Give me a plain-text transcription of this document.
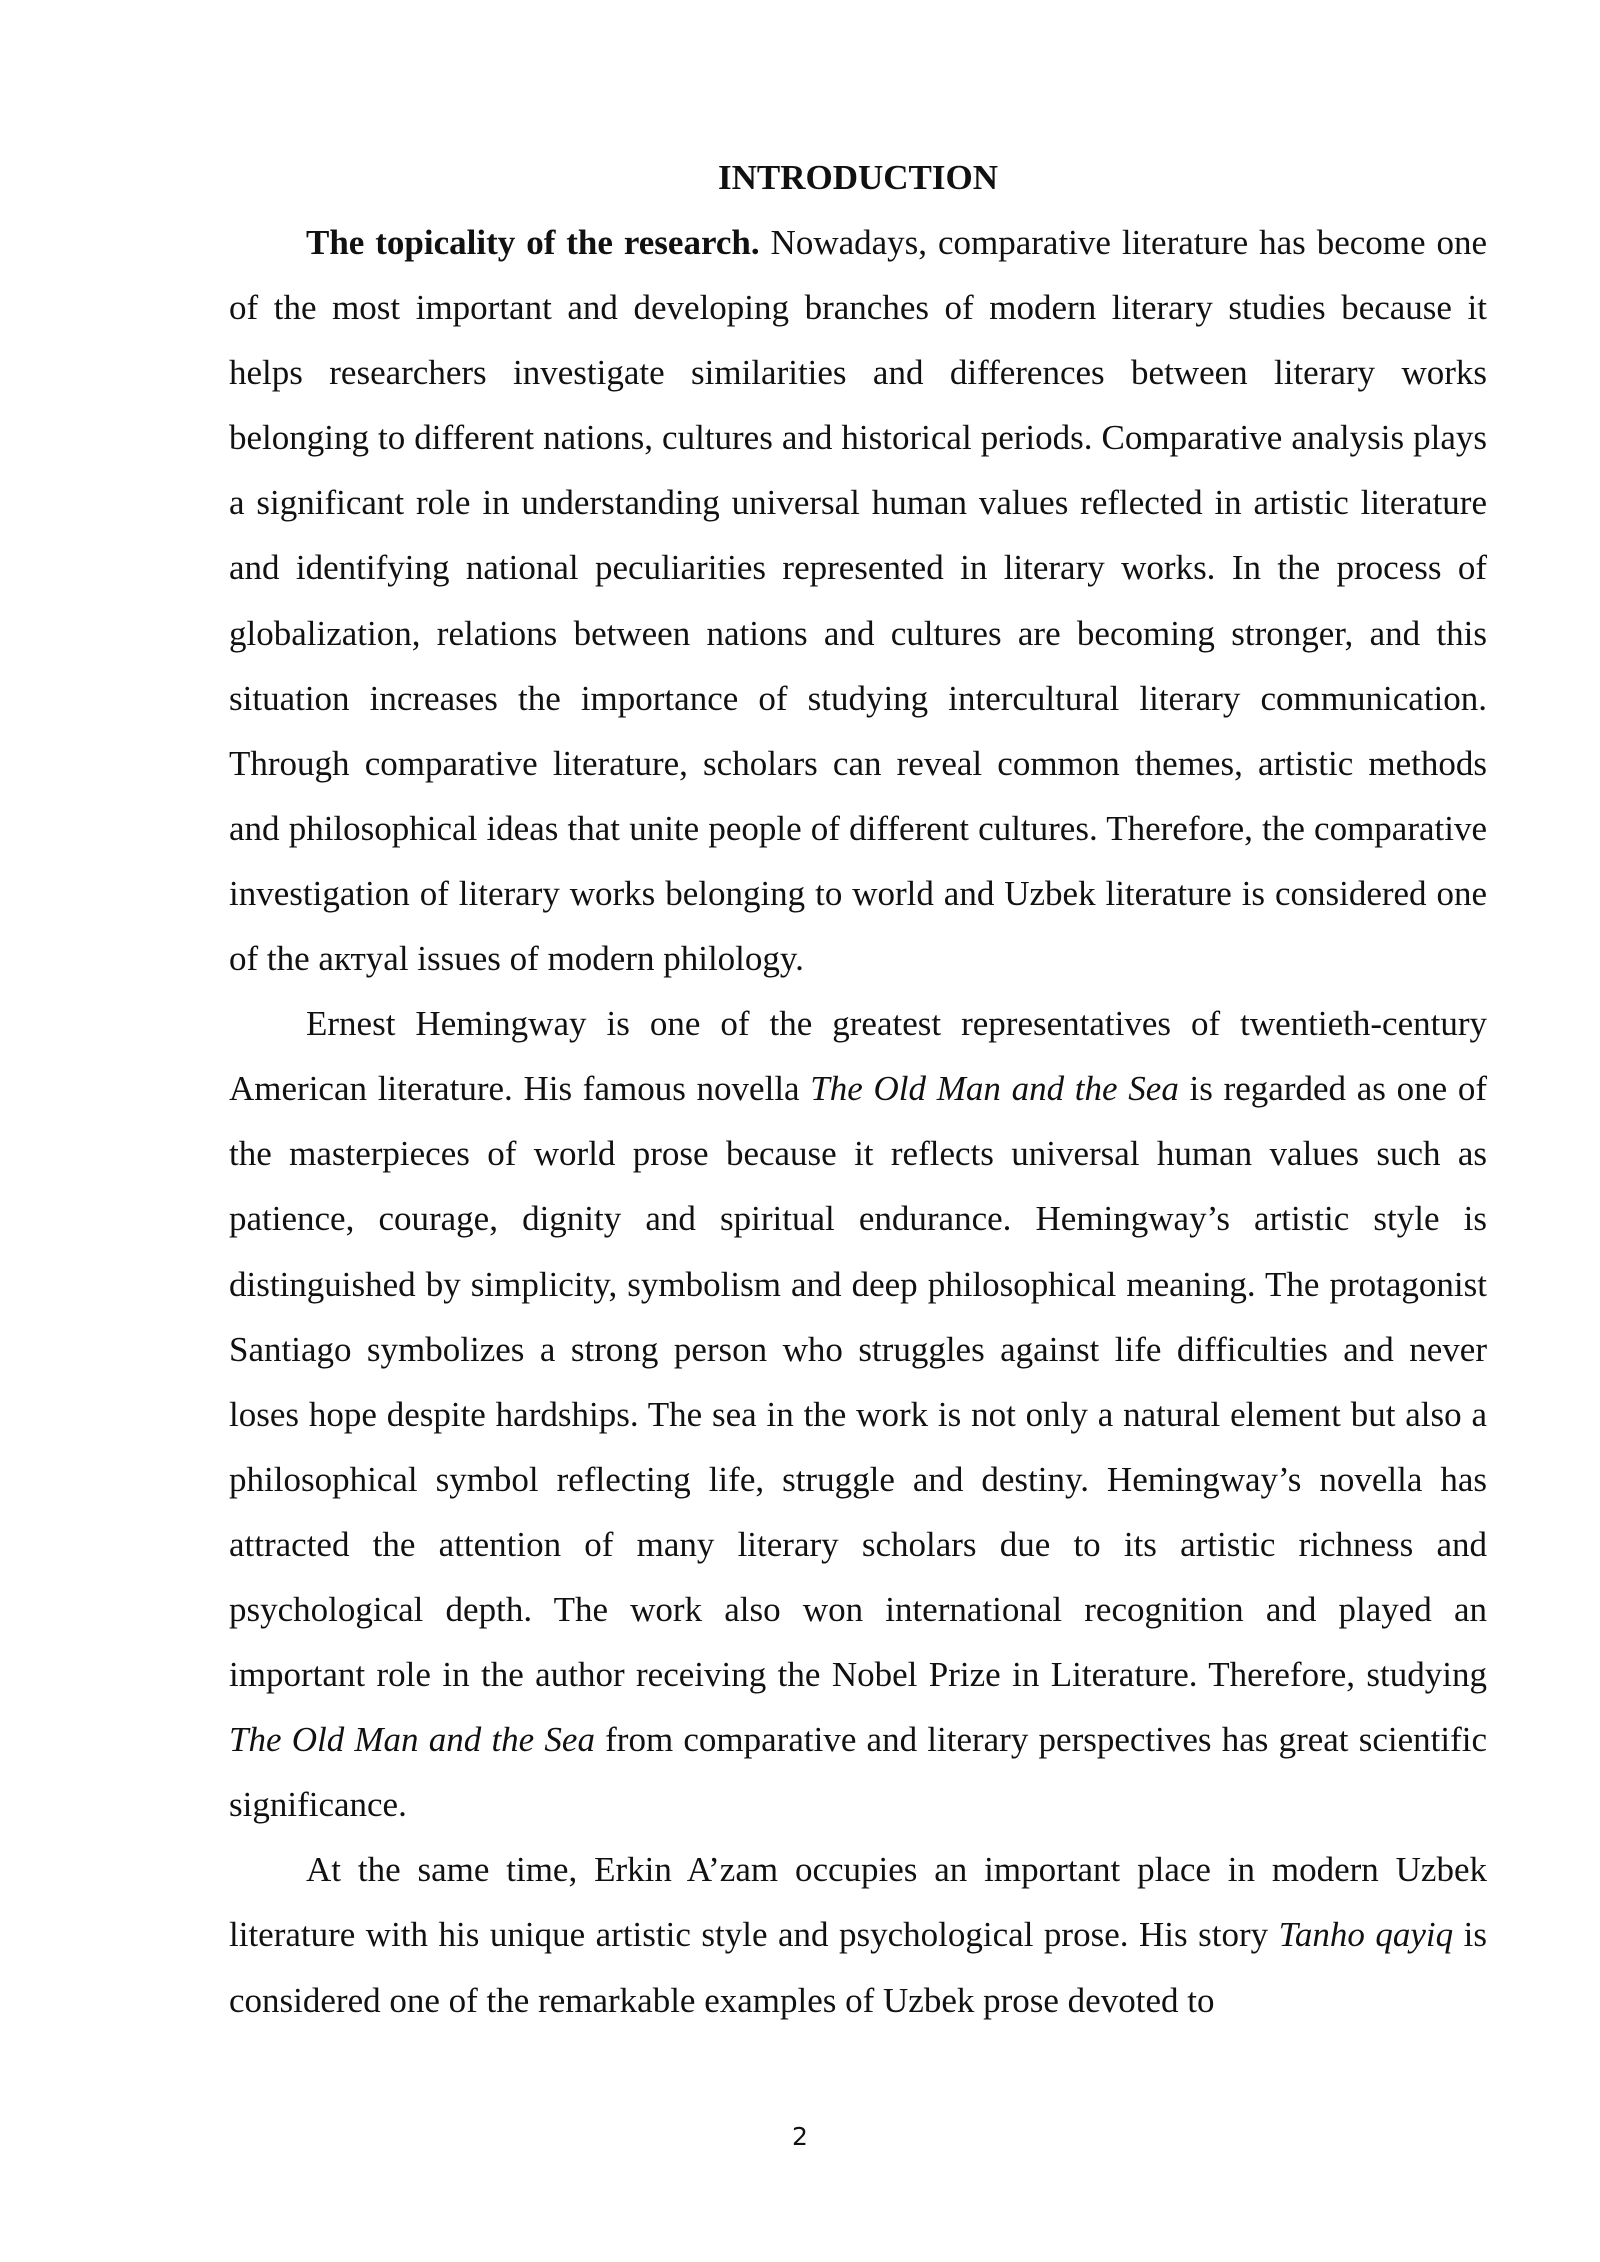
INTRODUCTION

The topicality of the research. Nowadays, comparative literature has become one of the most important and developing branches of modern literary studies because it helps researchers investigate similarities and differences between literary works belonging to different nations, cultures and historical periods. Comparative analysis plays a significant role in understanding universal human values reflected in artistic literature and identifying national peculiarities represented in literary works. In the process of globalization, relations between nations and cultures are becoming stronger, and this situation increases the importance of studying intercultural literary communication. Through comparative literature, scholars can reveal common themes, artistic methods and philosophical ideas that unite people of different cultures. Therefore, the comparative investigation of literary works belonging to world and Uzbek literature is considered one of the актyal issues of modern philology.

Ernest Hemingway is one of the greatest representatives of twentieth-century American literature. His famous novella The Old Man and the Sea is regarded as one of the masterpieces of world prose because it reflects universal human values such as patience, courage, dignity and spiritual endurance. Hemingway’s artistic style is distinguished by simplicity, symbolism and deep philosophical meaning. The protagonist Santiago symbolizes a strong person who struggles against life difficulties and never loses hope despite hardships. The sea in the work is not only a natural element but also a philosophical symbol reflecting life, struggle and destiny. Hemingway’s novella has attracted the attention of many literary scholars due to its artistic richness and psychological depth. The work also won international recognition and played an important role in the author receiving the Nobel Prize in Literature. Therefore, studying The Old Man and the Sea from comparative and literary perspectives has great scientific significance.

At the same time, Erkin A’zam occupies an important place in modern Uzbek literature with his unique artistic style and psychological prose. His story Tanho qayiq is considered one of the remarkable examples of Uzbek prose devoted to

2
